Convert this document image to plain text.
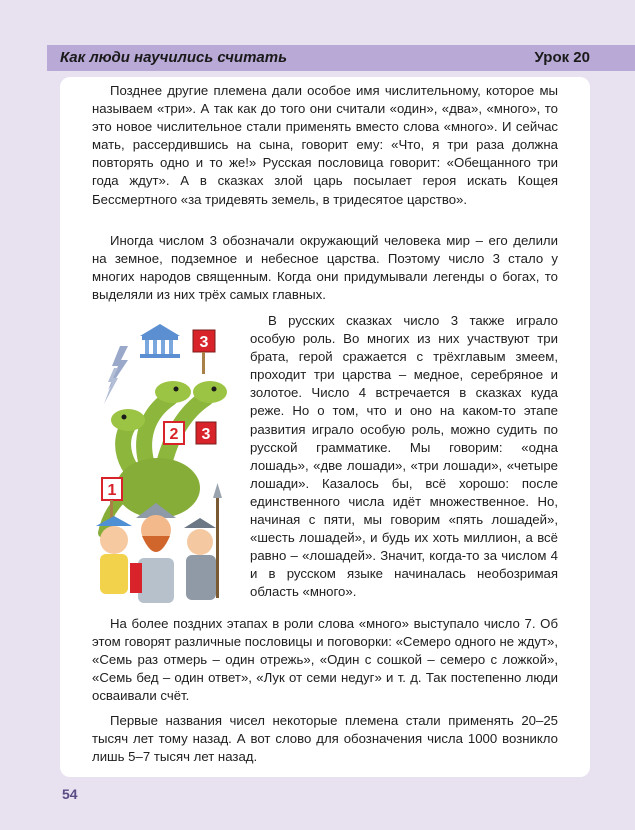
Как люди научились считать	Урок 20

Позднее другие племена дали особое имя числительному, которое мы называем «три». А так как до того они считали «один», «два», «много», то это новое числительное стали применять вместо слова «много». И сейчас мать, рассердившись на сына, говорит ему: «Что, я три раза должна повторять одно и то же!» Русская пословица говорит: «Обещанного три года ждут». А в сказках злой царь посылает героя искать Кощея Бессмертного «за тридевять земель, в тридесятое царство».

Иногда числом 3 обозначали окружающий человека мир – его делили на земное, подземное и небесное царства. Поэтому число 3 стало у многих народов священным. Когда они придумывали легенды о богах, то выделяли из них трёх самых главных.

3
2 3
1

В русских сказках число 3 также играло особую роль. Во многих из них участвуют три брата, герой сражается с трёхглавым змеем, проходит три царства – медное, серебряное и золотое. Число 4 встречается в сказках куда реже. Но о том, что и оно на каком-то этапе развития играло особую роль, можно судить по русской грамматике. Мы говорим: «одна лошадь», «две лошади», «три лошади», «четыре лошади». Казалось бы, всё хорошо: после единственного числа идёт множественное. Но, начиная с пяти, мы говорим «пять лошадей», «шесть лошадей», и будь их хоть миллион, а всё равно – «лошадей». Значит, когда-то за числом 4 и в русском языке начиналась необозримая область «много».

На более поздних этапах в роли слова «много» выступало число 7. Об этом говорят различные пословицы и поговорки: «Семеро одного не ждут», «Семь раз отмерь – один отрежь», «Один с сошкой – семеро с ложкой», «Семь бед – один ответ», «Лук от семи недуг» и т. д. Так постепенно люди осваивали счёт.

Первые названия чисел некоторые племена стали применять 20–25 тысяч лет тому назад. А вот слово для обозначения числа 1000 возникло лишь 5–7 тысяч лет назад.

54
